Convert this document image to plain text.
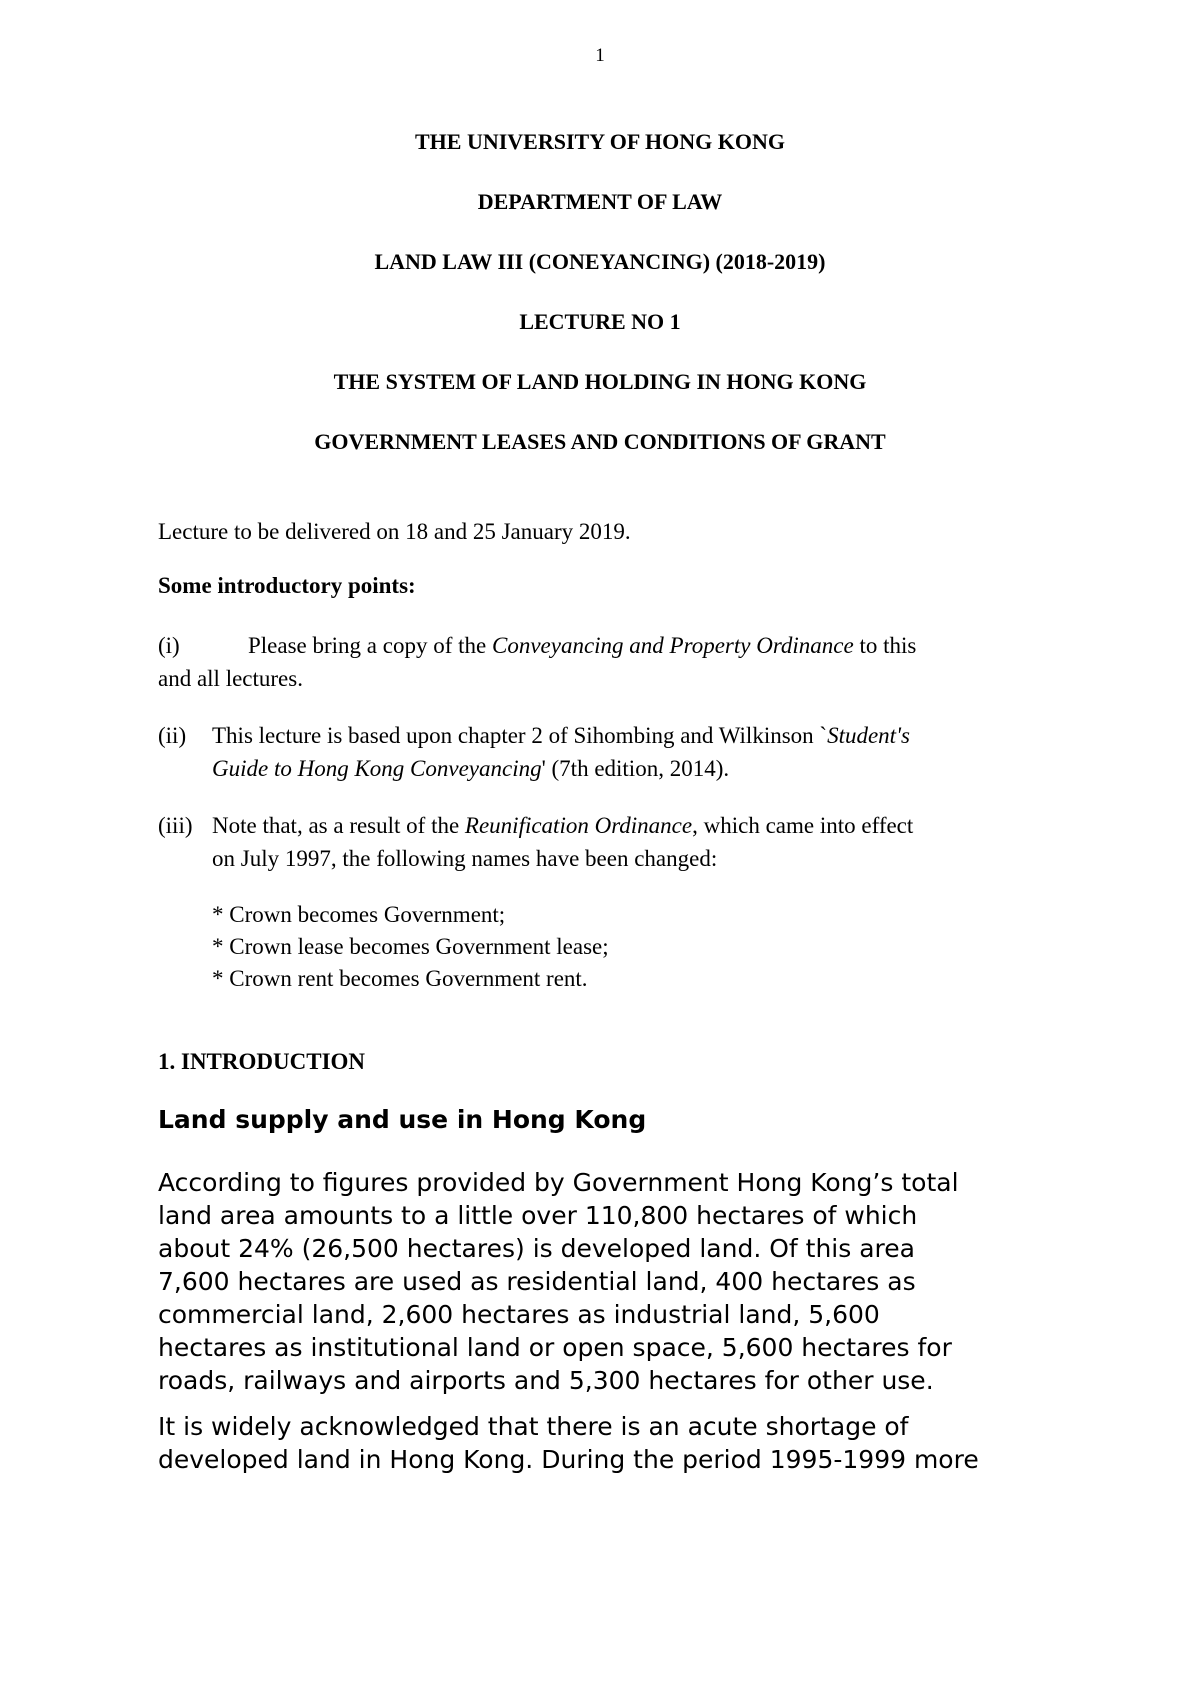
1
THE UNIVERSITY OF HONG KONG
DEPARTMENT OF LAW
LAND LAW III (CONEYANCING) (2018-2019)
LECTURE NO 1
THE SYSTEM OF LAND HOLDING IN HONG KONG
GOVERNMENT LEASES AND CONDITIONS OF GRANT
Lecture to be delivered on 18 and 25 January 2019.
Some introductory points:
(i)	Please bring a copy of the Conveyancing and Property Ordinance to this
and all lectures.
(ii) This lecture is based upon chapter 2 of Sihombing and Wilkinson `Student's
Guide to Hong Kong Conveyancing' (7th edition, 2014).
(iii) Note that, as a result of the Reunification Ordinance, which came into effect
on July 1997, the following names have been changed:
* Crown becomes Government;
* Crown lease becomes Government lease;
* Crown rent becomes Government rent.
1. INTRODUCTION
Land supply and use in Hong Kong
According to figures provided by Government Hong Kong’s total
land area amounts to a little over 110,800 hectares of which
about 24% (26,500 hectares) is developed land. Of this area
7,600 hectares are used as residential land, 400 hectares as
commercial land, 2,600 hectares as industrial land, 5,600
hectares as institutional land or open space, 5,600 hectares for
roads, railways and airports and 5,300 hectares for other use.
It is widely acknowledged that there is an acute shortage of
developed land in Hong Kong. During the period 1995-1999 more
